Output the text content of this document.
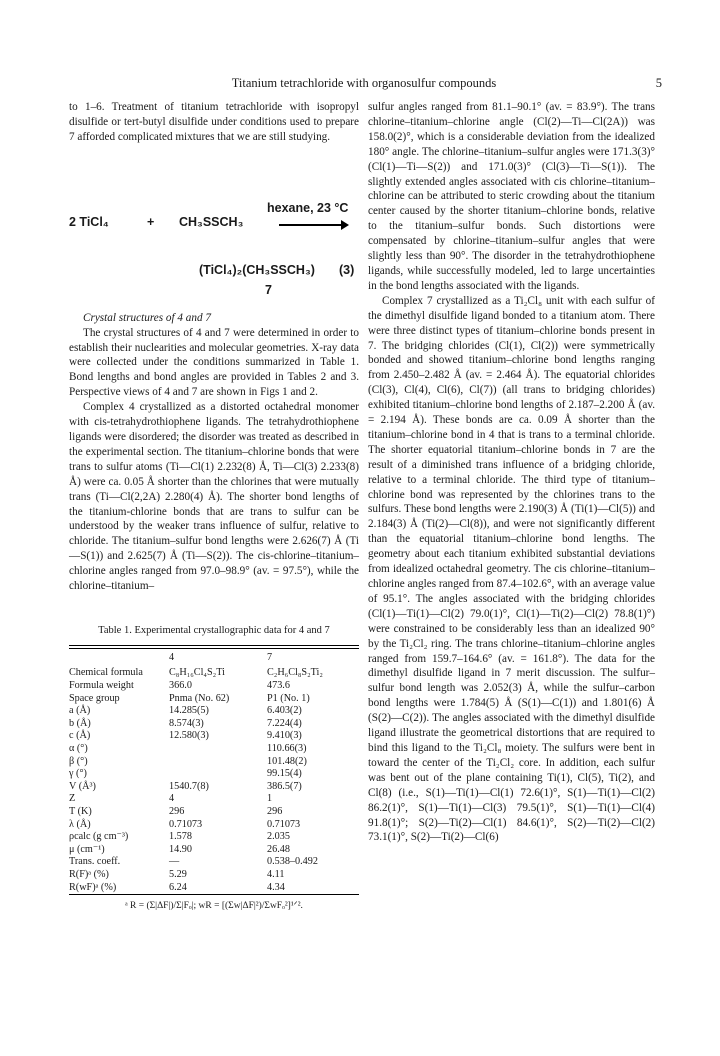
Titanium tetrachloride with organosulfur compounds	5

to 1–6. Treatment of titanium tetrachloride with isopropyl disulfide or tert-butyl disulfide under conditions used to prepare 7 afforded complicated mixtures that we are still studying.

2 TiCl₄	+ CH₃SSCH₃
hexane, 23 °C
(TiCl₄)₂(CH₃SSCH₃) (3)
7

Crystal structures of 4 and 7

The crystal structures of 4 and 7 were determined in order to establish their nuclearities and molecular geometries. X-ray data were collected under the conditions summarized in Table 1. Bond lengths and bond angles are provided in Tables 2 and 3. Perspective views of 4 and 7 are shown in Figs 1 and 2.

Complex 4 crystallized as a distorted octahedral monomer with cis-tetrahydrothiophene ligands. The tetrahydrothiophene ligands were disordered; the disorder was treated as described in the experimental section. The titanium–chlorine bonds that were trans to sulfur atoms (Ti—Cl(1) 2.232(8) Å, Ti—Cl(3) 2.233(8) Å) were ca. 0.05 Å shorter than the chlorines that were mutually trans (Ti—Cl(2,2A) 2.280(4) Å). The shorter bond lengths of the titanium-chlorine bonds that are trans to sulfur can be understood by the weaker trans influence of sulfur, relative to chloride. The titanium–sulfur bond lengths were 2.626(7) Å (Ti—S(1)) and 2.625(7) Å (Ti—S(2)). The cis-chlorine–titanium–chlorine angles ranged from 97.0–98.9° (av. = 97.5°), while the chlorine–titanium–

Table 1. Experimental crystallographic data for 4 and 7
	4	7
Chemical formula	C₈H₁₆Cl₄S₂Ti	C₂H₆Cl₈S₂Ti₂
Formula weight	366.0	473.6
Space group	Pnma (No. 62)	P1 (No. 1)
a (Å)	14.285(5)	6.403(2)
b (Å)	8.574(3)	7.224(4)
c (Å)	12.580(3)	9.410(3)
α (°)		110.66(3)
β (°)		101.48(2)
γ (°)		99.15(4)
V (Å³)	1540.7(8)	386.5(7)
Z	4	1
T (K)	296	296
λ (Å)	0.71073	0.71073
ρcalc (g cm⁻³)	1.578	2.035
μ (cm⁻¹)	14.90	26.48
Trans. coeff.	—	0.538–0.492
R(F)ᵃ (%)	5.29	4.11
R(wF)ᵃ (%)	6.24	4.34
ᵃ R = (Σ|ΔF|)/Σ|Fₒ|; wR = [(Σw|ΔF|²)/ΣwFₒ²]¹ᐟ².

sulfur angles ranged from 81.1–90.1° (av. = 83.9°). The trans chlorine–titanium–chlorine angle (Cl(2)—Ti—Cl(2A)) was 158.0(2)°, which is a considerable deviation from the idealized 180° angle. The chlorine–titanium–sulfur angles were 171.3(3)° (Cl(1)—Ti—S(2)) and 171.0(3)° (Cl(3)—Ti—S(1)). The slightly extended angles associated with cis chlorine–titanium–chlorine can be attributed to steric crowding about the titanium center caused by the shorter titanium–chlorine bonds, relative to the titanium–sulfur bonds. Such distortions were compensated by chlorine–titanium–sulfur angles that were slightly less than 90°. The disorder in the tetrahydrothiophene ligands, while successfully modeled, led to large uncertainties in the bond lengths associated with the ligands.

Complex 7 crystallized as a Ti₂Cl₈ unit with each sulfur of the dimethyl disulfide ligand bonded to a titanium atom. There were three distinct types of titanium–chlorine bonds present in 7. The bridging chlorides (Cl(1), Cl(2)) were symmetrically bonded and showed titanium–chlorine bond lengths ranging from 2.450–2.482 Å (av. = 2.464 Å). The equatorial chlorides (Cl(3), Cl(4), Cl(6), Cl(7)) (all trans to bridging chlorides) exhibited titanium–chlorine bond lengths of 2.187–2.200 Å (av. = 2.194 Å). These bonds are ca. 0.09 Å shorter than the titanium–chlorine bond in 4 that is trans to a terminal chloride. The shorter equatorial titanium–chlorine bonds in 7 are the result of a diminished trans influence of a bridging chloride, relative to a terminal chloride. The third type of titanium–chlorine bond was represented by the chlorines trans to the sulfurs. These bond lengths were 2.190(3) Å (Ti(1)—Cl(5)) and 2.184(3) Å (Ti(2)—Cl(8)), and were not significantly different than the equatorial titanium–chlorine bond lengths. The geometry about each titanium exhibited substantial deviations from idealized octahedral geometry. The cis chlorine–titanium–chlorine angles ranged from 87.4–102.6°, with an average value of 95.1°. The angles associated with the bridging chlorides (Cl(1)—Ti(1)—Cl(2) 79.0(1)°, Cl(1)—Ti(2)—Cl(2) 78.8(1)°) were constrained to be considerably less than an idealized 90° by the Ti₂Cl₂ ring. The trans chlorine–titanium–chlorine angles ranged from 159.7–164.6° (av. = 161.8°). The data for the dimethyl disulfide ligand in 7 merit discussion. The sulfur–sulfur bond length was 2.052(3) Å, while the sulfur–carbon bond lengths were 1.784(5) Å (S(1)—C(1)) and 1.801(6) Å (S(2)—C(2)). The angles associated with the dimethyl disulfide ligand illustrate the geometrical distortions that are required to bind this ligand to the Ti₂Cl₈ moiety. The sulfurs were bent in toward the center of the Ti₂Cl₂ core. In addition, each sulfur was bent out of the plane containing Ti(1), Cl(5), Ti(2), and Cl(8) (i.e., S(1)—Ti(1)—Cl(1) 72.6(1)°, S(1)—Ti(1)—Cl(2) 86.2(1)°, S(1)—Ti(1)—Cl(3) 79.5(1)°, S(1)—Ti(1)—Cl(4) 91.8(1)°; S(2)—Ti(2)—Cl(1) 84.6(1)°, S(2)—Ti(2)—Cl(2) 73.1(1)°, S(2)—Ti(2)—Cl(6)
